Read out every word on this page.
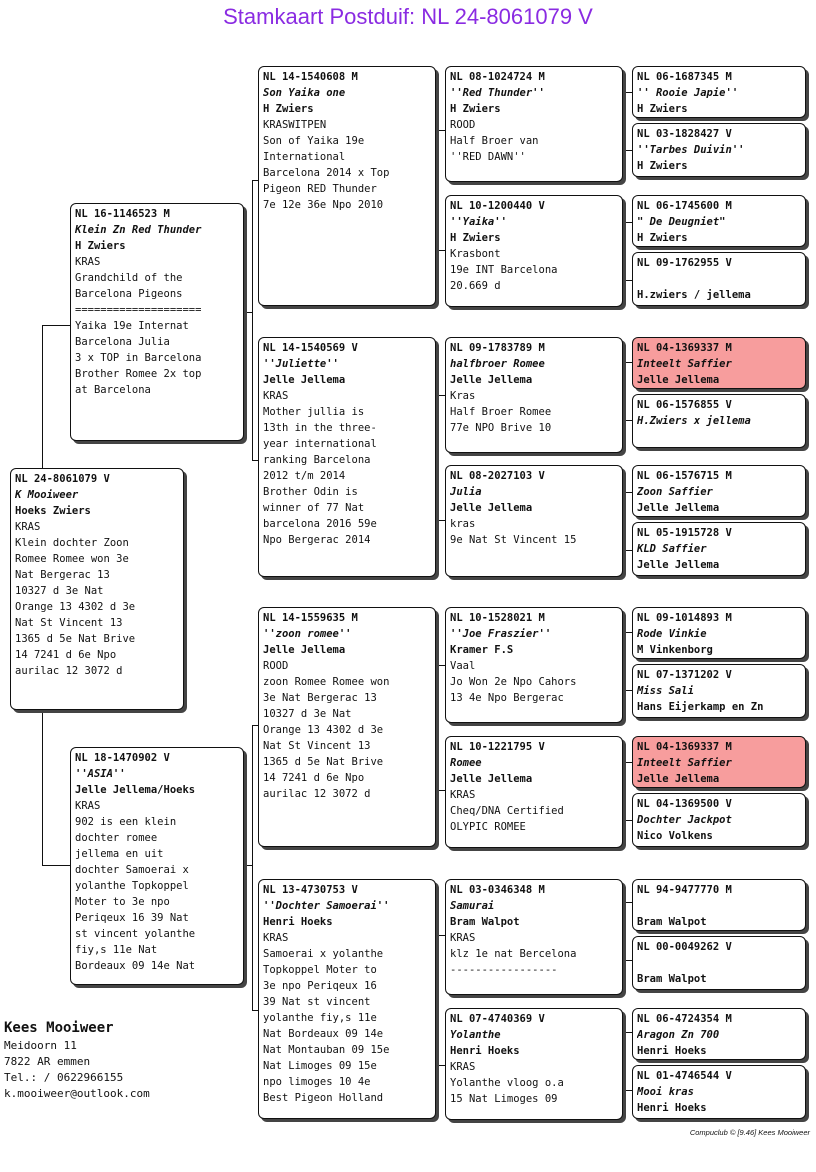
Stamkaart Postduif: NL 24-8061079 V
NL 24-8061079 V
K Mooiweer
Hoeks Zwiers
KRAS
Klein dochter Zoon
Romee Romee won 3e
Nat Bergerac 13
10327 d 3e Nat
Orange 13 4302 d 3e
Nat St Vincent 13
1365 d 5e Nat Brive
14 7241 d 6e Npo
aurilac 12 3072 d
NL 16-1146523 M
Klein Zn Red Thunder
H Zwiers
KRAS
Grandchild of the
Barcelona Pigeons
====================
Yaika 19e Internat
Barcelona Julia
3 x TOP in Barcelona
Brother Romee 2x top
at Barcelona
NL 18-1470902 V
''ASIA''
Jelle Jellema/Hoeks
KRAS
902 is een klein
dochter romee
jellema en uit
dochter Samoerai x
yolanthe Topkoppel
Moter to 3e npo
Periqeux 16 39 Nat
st vincent yolanthe
fiy,s 11e Nat
Bordeaux 09 14e Nat
NL 14-1540608 M
Son Yaika one
H Zwiers
KRASWITPEN
Son of Yaika 19e
International
Barcelona 2014 x Top
Pigeon RED Thunder
7e 12e 36e Npo 2010
NL 14-1540569 V
''Juliette''
Jelle Jellema
KRAS
Mother jullia is
13th in the three-
year international
ranking Barcelona
2012 t/m 2014
Brother Odin is
winner of 77 Nat
barcelona 2016 59e
Npo Bergerac 2014
NL 14-1559635 M
''zoon romee''
Jelle Jellema
ROOD
zoon Romee Romee won
3e Nat Bergerac 13
10327 d 3e Nat
Orange 13 4302 d 3e
Nat St Vincent 13
1365 d 5e Nat Brive
14 7241 d 6e Npo
aurilac 12 3072 d
NL 13-4730753 V
''Dochter Samoerai''
Henri Hoeks
KRAS
Samoerai x yolanthe
Topkoppel Moter to
3e npo Periqeux 16
39 Nat st vincent
yolanthe fiy,s 11e
Nat Bordeaux 09 14e
Nat Montauban 09 15e
Nat Limoges 09 15e
npo limoges 10 4e
Best Pigeon Holland
NL 08-1024724 M
''Red Thunder''
H Zwiers
ROOD
Half Broer van
''RED DAWN''
NL 10-1200440 V
''Yaika''
H Zwiers
Krasbont
19e INT Barcelona
20.669 d
NL 09-1783789 M
halfbroer Romee
Jelle Jellema
Kras
Half Broer Romee
77e NPO Brive 10
NL 08-2027103 V
Julia
Jelle Jellema
kras
9e Nat St Vincent 15
NL 10-1528021 M
''Joe Fraszier''
Kramer F.S
Vaal
Jo Won 2e Npo Cahors
13 4e Npo Bergerac
NL 10-1221795 V
Romee
Jelle Jellema
KRAS
Cheq/DNA Certified
OLYPIC ROMEE
NL 03-0346348 M
Samurai
Bram Walpot
KRAS
klz 1e nat Bercelona
-----------------
NL 07-4740369 V
Yolanthe
Henri Hoeks
KRAS
Yolanthe vloog o.a
15 Nat Limoges 09
NL 06-1687345 M
'' Rooie Japie''
H Zwiers
NL 03-1828427 V
''Tarbes Duivin''
H Zwiers
NL 06-1745600 M
" De Deugniet"
H Zwiers
NL 09-1762955 V

H.zwiers / jellema
NL 04-1369337 M
Inteelt Saffier
Jelle Jellema
NL 06-1576855 V
H.Zwiers x jellema
NL 06-1576715 M
Zoon Saffier
Jelle Jellema
NL 05-1915728 V
KLD Saffier
Jelle Jellema
NL 09-1014893 M
Rode Vinkie
M Vinkenborg
NL 07-1371202 V
Miss Sali
Hans Eijerkamp en Zn
NL 04-1369337 M
Inteelt Saffier
Jelle Jellema
NL 04-1369500 V
Dochter Jackpot
Nico Volkens
NL 94-9477770 M

Bram Walpot
NL 00-0049262 V

Bram Walpot
NL 06-4724354 M
Aragon Zn 700
Henri Hoeks
NL 01-4746544 V
Mooi kras
Henri Hoeks
Kees Mooiweer
Meidoorn 11
7822 AR emmen
Tel.: / 0622966155
k.mooiweer@outlook.com
Compuclub © [9.46] Kees Mooiweer
